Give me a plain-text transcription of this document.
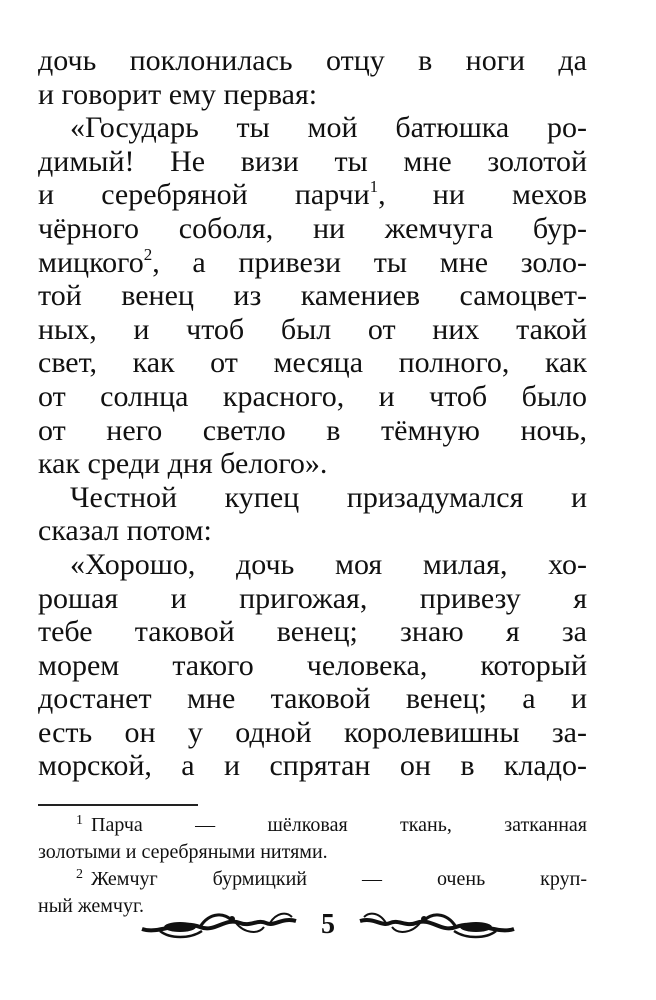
дочь поклонилась отцу в ноги да
и говорит ему первая:
«Государь ты мой батюшка ро-
димый! Не визи ты мне золотой
и серебряной парчи$^1$, ни мехов
чёрного соболя, ни жемчуга бур-
мицкого$^2$, а привези ты мне золо-
той венец из камениев самоцвет-
ных, и чтоб был от них такой
свет, как от месяца полного, как
от солнца красного, и чтоб было
от него светло в тёмную ночь,
как среди дня белого».
Честной купец призадумался и
сказал потом:
«Хорошо, дочь моя милая, хо-
рошая и пригожая, привезу я
тебе таковой венец; знаю я за
морем такого человека, который
достанет мне таковой венец; а и
есть он у одной королевишны за-
морской, а и спрятан он в кладо-
$^1$ Парча — шёлковая ткань, затканная
золотыми и серебряными нитями.
$^2$ Жемчуг бурмицкий — очень круп-
ный жемчуг.
5
